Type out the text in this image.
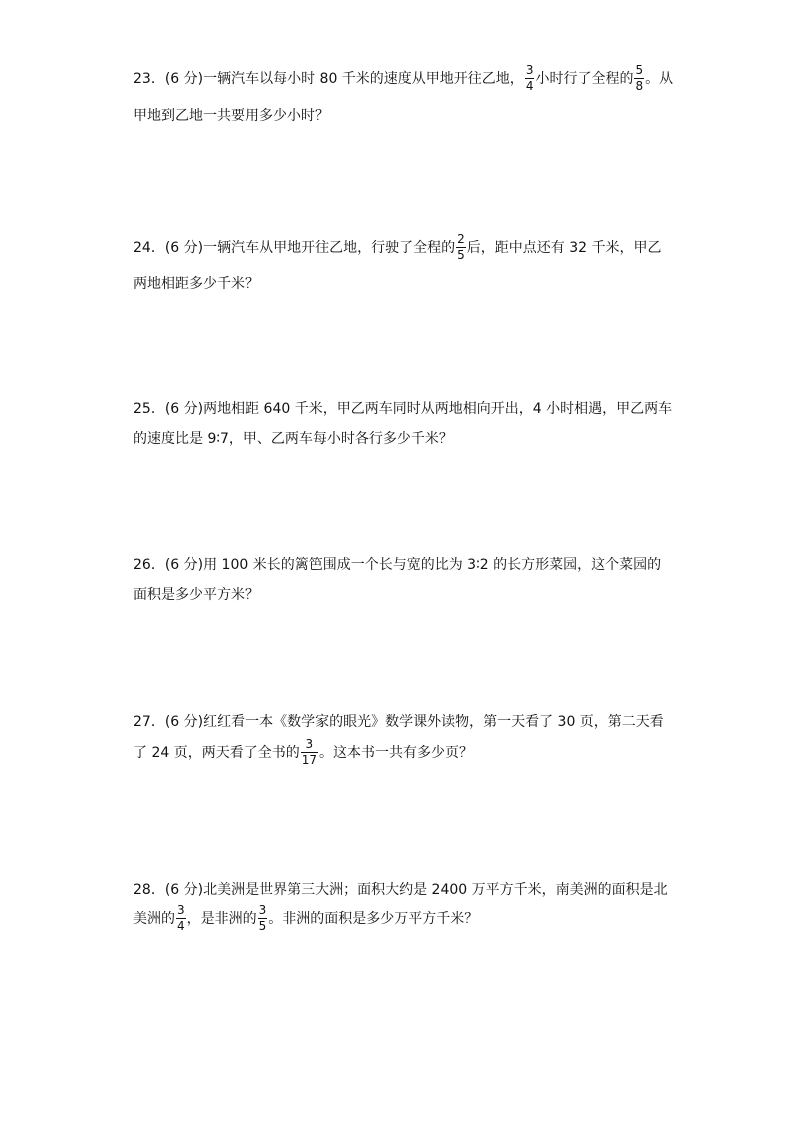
23．(6 分)一辆汽车以每小时 80 千米的速度从甲地开往乙地， $\frac{3}{4}$ 小时行了全程的 $\frac{5}{8}$ 。从
甲地到乙地一共要用多少小时？
24．(6 分)一辆汽车从甲地开往乙地，行驶了全程的 $\frac{2}{5}$ 后，距中点还有 32 千米，甲乙
两地相距多少千米？
25．(6 分)两地相距 640 千米，甲乙两车同时从两地相向开出，4 小时相遇，甲乙两车
的速度比是 9∶7，甲、乙两车每小时各行多少千米？
26．(6 分)用 100 米长的篱笆围成一个长与宽的比为 3∶2 的长方形菜园，这个菜园的
面积是多少平方米？
27．(6 分)红红看一本《数学家的眼光》数学课外读物，第一天看了 30 页，第二天看
了 24 页，两天看了全书的 $\frac{3}{17}$ 。这本书一共有多少页？
28．(6 分)北美洲是世界第三大洲；面积大约是 2400 万平方千米，南美洲的面积是北
美洲的 $\frac{3}{4}$ ，是非洲的 $\frac{3}{5}$ 。非洲的面积是多少万平方千米？
